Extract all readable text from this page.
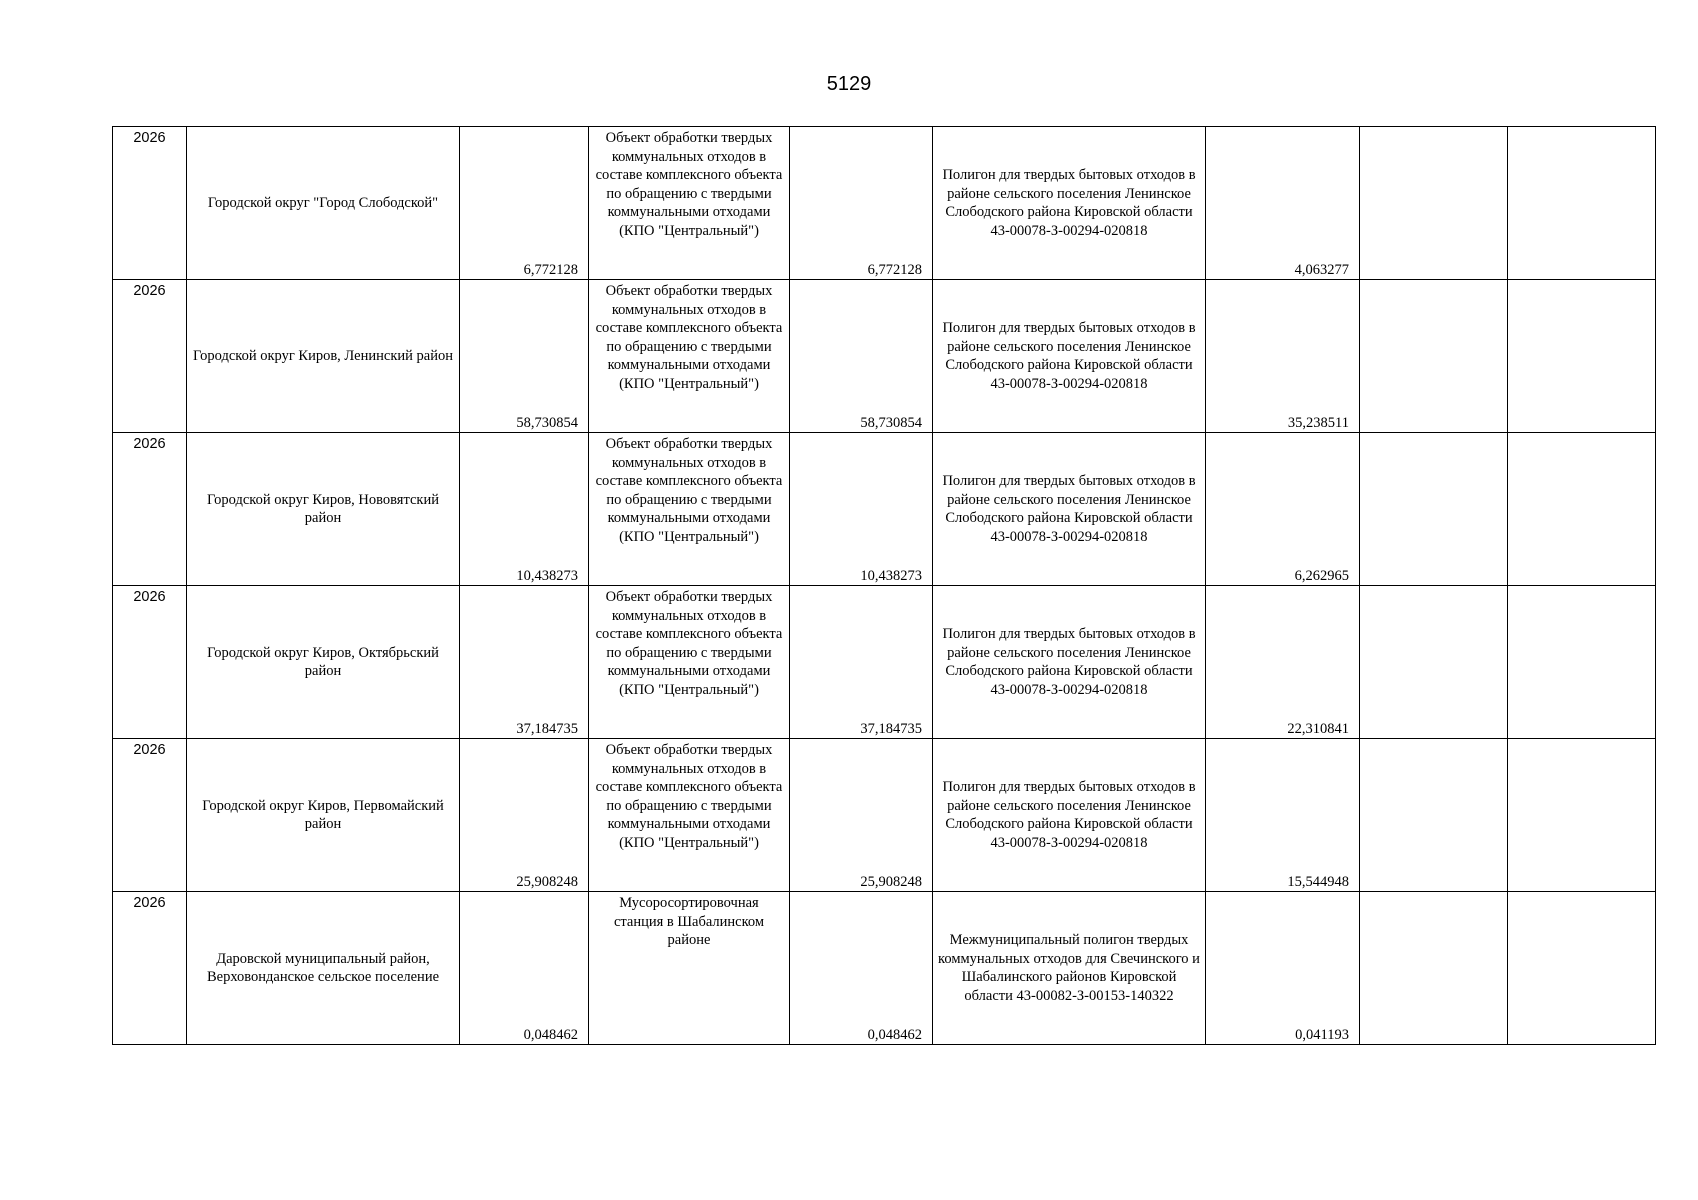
5129
2026	Городской округ "Город Слободской"	6,772128	Объект обработки твердых коммунальных отходов в составе комплексного объекта по обращению с твердыми коммунальными отходами (КПО "Центральный")	6,772128	Полигон для твердых бытовых отходов в районе сельского поселения Ленинское Слободского района Кировской области 43-00078-З-00294-020818	4,063277		
2026	Городской округ Киров, Ленинский район	58,730854	Объект обработки твердых коммунальных отходов в составе комплексного объекта по обращению с твердыми коммунальными отходами (КПО "Центральный")	58,730854	Полигон для твердых бытовых отходов в районе сельского поселения Ленинское Слободского района Кировской области 43-00078-З-00294-020818	35,238511		
2026	Городской округ Киров, Нововятский район	10,438273	Объект обработки твердых коммунальных отходов в составе комплексного объекта по обращению с твердыми коммунальными отходами (КПО "Центральный")	10,438273	Полигон для твердых бытовых отходов в районе сельского поселения Ленинское Слободского района Кировской области 43-00078-З-00294-020818	6,262965		
2026	Городской округ Киров, Октябрьский район	37,184735	Объект обработки твердых коммунальных отходов в составе комплексного объекта по обращению с твердыми коммунальными отходами (КПО "Центральный")	37,184735	Полигон для твердых бытовых отходов в районе сельского поселения Ленинское Слободского района Кировской области 43-00078-З-00294-020818	22,310841		
2026	Городской округ Киров, Первомайский район	25,908248	Объект обработки твердых коммунальных отходов в составе комплексного объекта по обращению с твердыми коммунальными отходами (КПО "Центральный")	25,908248	Полигон для твердых бытовых отходов в районе сельского поселения Ленинское Слободского района Кировской области 43-00078-З-00294-020818	15,544948		
2026	Даровской муниципальный район, Верховонданское сельское поселение	0,048462	Мусоросортировочная станция в Шабалинском районе	0,048462	Межмуниципальный полигон твердых коммунальных отходов для Свечинского и Шабалинского районов Кировской области 43-00082-З-00153-140322	0,041193		
